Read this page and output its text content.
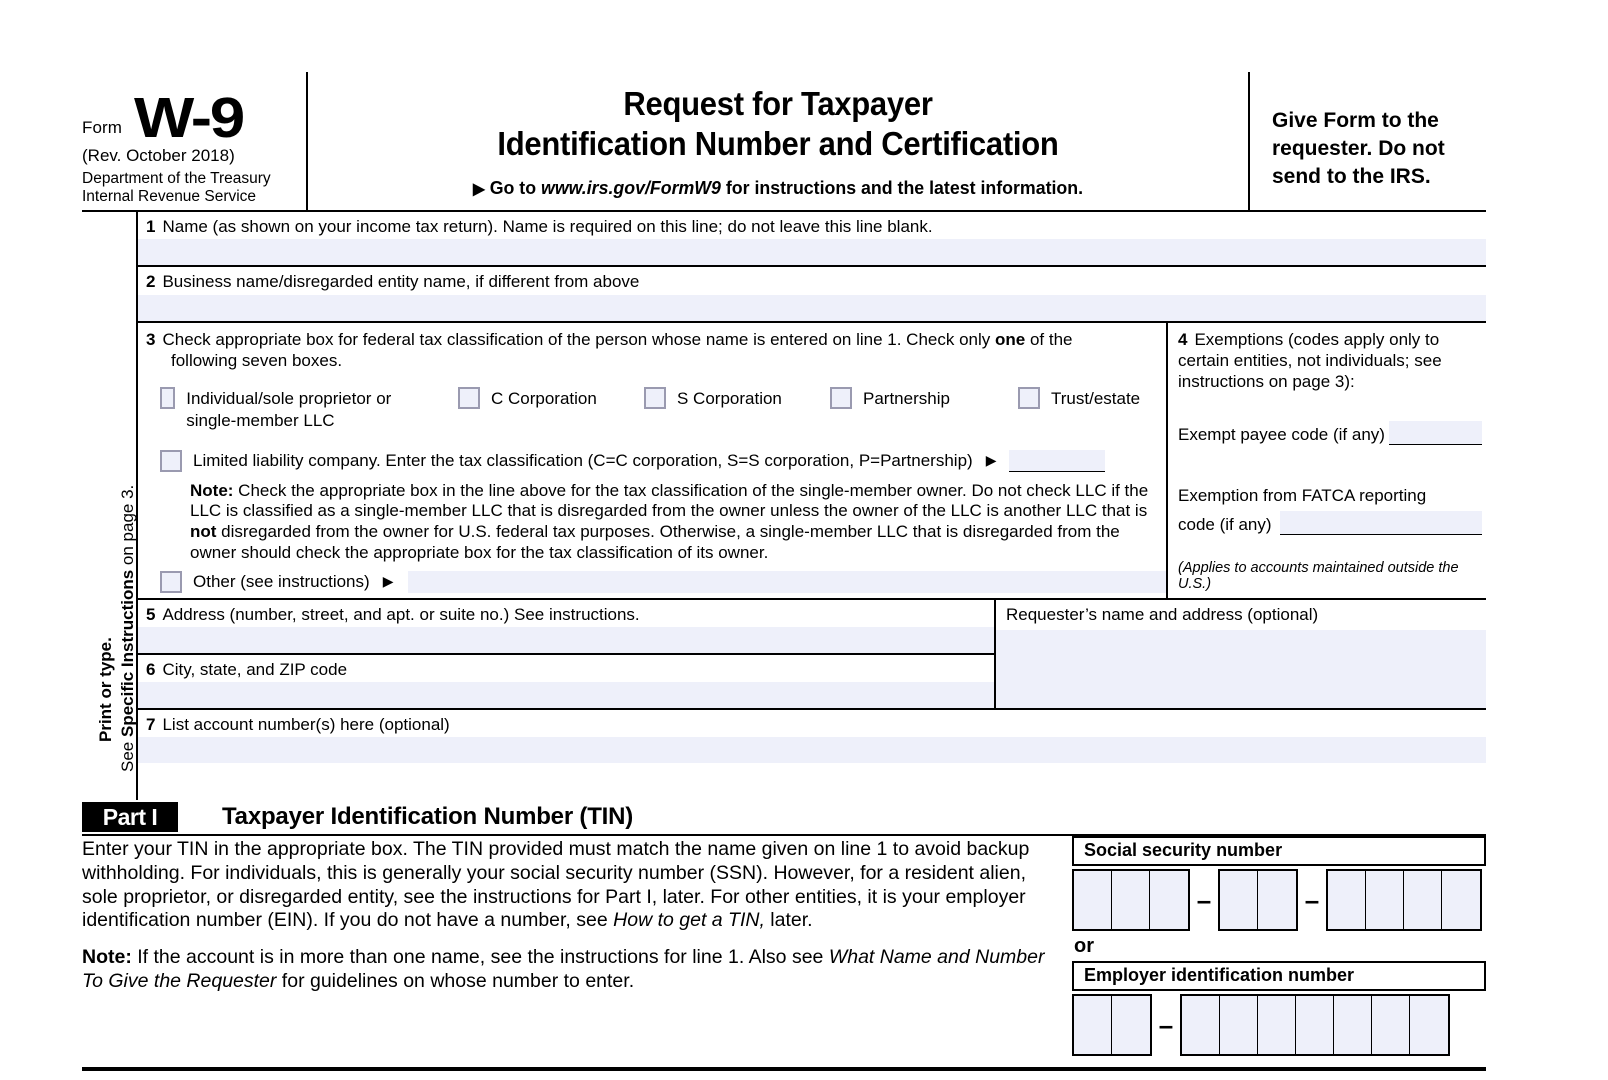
Form W-9
(Rev. October 2018)
Department of the Treasury
Internal Revenue Service
Request for Taxpayer
Identification Number and Certification
▶ Go to www.irs.gov/FormW9 for instructions and the latest information.
Give Form to the requester. Do not send to the IRS.
Print or type.
See Specific Instructions on page 3.
1 Name (as shown on your income tax return). Name is required on this line; do not leave this line blank.
2 Business name/disregarded entity name, if different from above
3 Check appropriate box for federal tax classification of the person whose name is entered on line 1. Check only one of the
following seven boxes.
Individual/sole proprietor or single-member LLC
C Corporation	S Corporation	Partnership	Trust/estate
Limited liability company. Enter the tax classification (C=C corporation, S=S corporation, P=Partnership) ▶
Note: Check the appropriate box in the line above for the tax classification of the single-member owner. Do not check LLC if the LLC is classified as a single-member LLC that is disregarded from the owner unless the owner of the LLC is another LLC that is not disregarded from the owner for U.S. federal tax purposes. Otherwise, a single-member LLC that is disregarded from the owner should check the appropriate box for the tax classification of its owner.
Other (see instructions) ▶
4 Exemptions (codes apply only to
certain entities, not individuals; see
instructions on page 3):
Exempt payee code (if any)
Exemption from FATCA reporting
code (if any)
(Applies to accounts maintained outside the U.S.)
5 Address (number, street, and apt. or suite no.) See instructions.
6 City, state, and ZIP code
Requester’s name and address (optional)
7 List account number(s) here (optional)
Part I	Taxpayer Identification Number (TIN)

Enter your TIN in the appropriate box. The TIN provided must match the name given on line 1 to avoid backup withholding. For individuals, this is generally your social security number (SSN). However, for a resident alien, sole proprietor, or disregarded entity, see the instructions for Part I, later. For other entities, it is your employer identification number (EIN). If you do not have a number, see How to get a TIN, later.

Note: If the account is in more than one name, see the instructions for line 1. Also see What Name and Number To Give the Requester for guidelines on whose number to enter.

Social security number
–	–
or
Employer identification number
–
